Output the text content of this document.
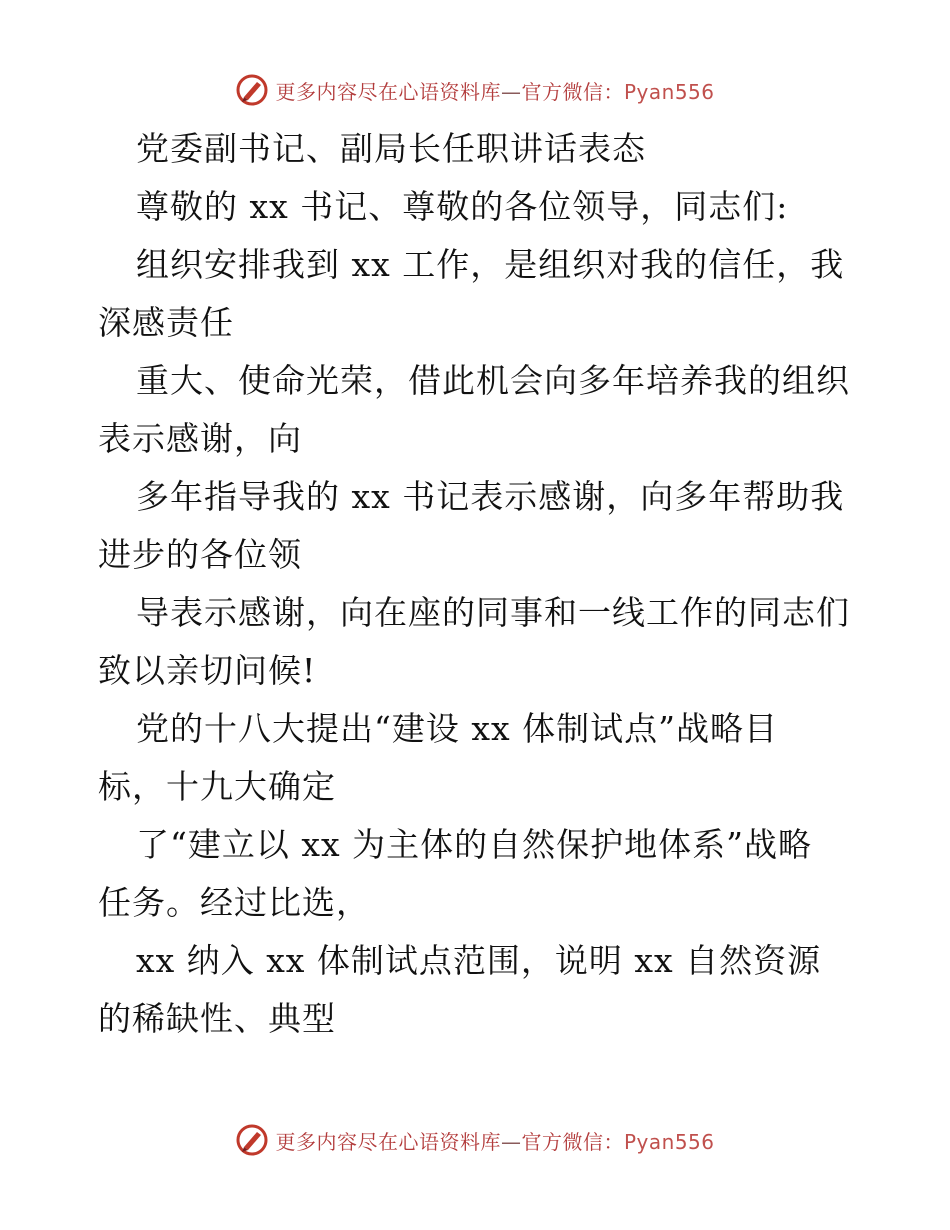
更多内容尽在心语资料库—官方微信：Pyan556
党委副书记、副局长任职讲话表态
尊敬的 xx 书记、尊敬的各位领导，同志们:
组织安排我到 xx 工作，是组织对我的信任，我
深感责任
重大、使命光荣，借此机会向多年培养我的组织
表示感谢，向
多年指导我的 xx 书记表示感谢，向多年帮助我
进步的各位领
导表示感谢，向在座的同事和一线工作的同志们
致以亲切问候!
党的十八大提出“建设 xx 体制试点”战略目
标，十九大确定
了“建立以 xx 为主体的自然保护地体系”战略
任务。经过比选，
xx 纳入 xx 体制试点范围，说明 xx 自然资源
的稀缺性、典型
更多内容尽在心语资料库—官方微信：Pyan556
